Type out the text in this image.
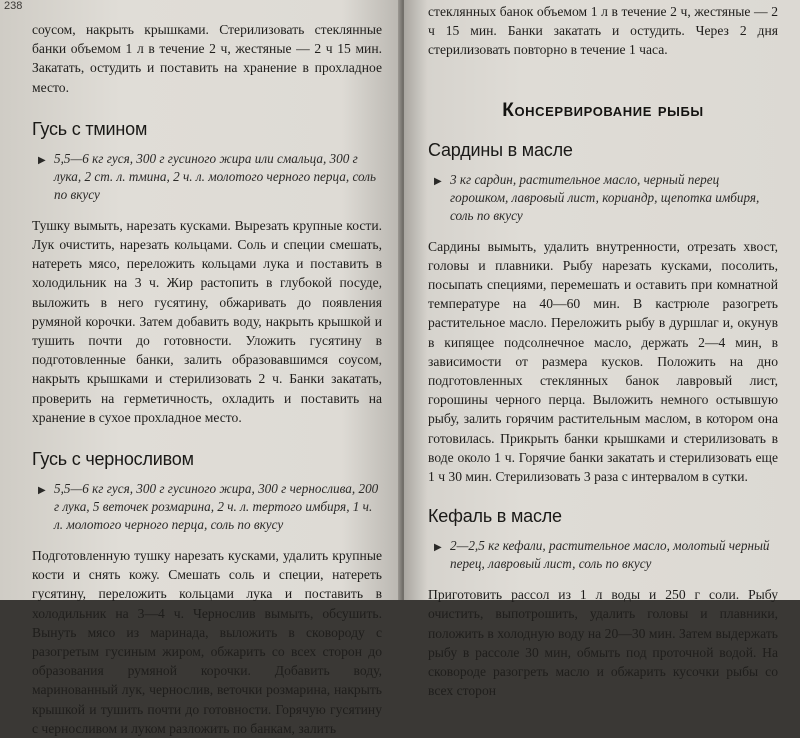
238

соусом, накрыть крышками. Стерилизовать стеклянные банки объемом 1 л в течение 2 ч, жестяные — 2 ч 15 мин. Закатать, остудить и поставить на хранение в прохладное место.

Гусь с тмином
▶ 5,5—6 кг гуся, 300 г гусиного жира или смальца, 300 г лука, 2 ст. л. тмина, 2 ч. л. молотого черного перца, соль по вкусу

Тушку вымыть, нарезать кусками. Вырезать крупные кости. Лук очистить, нарезать кольцами. Соль и специи смешать, натереть мясо, переложить кольцами лука и поставить в холодильник на 3 ч. Жир растопить в глубокой посуде, выложить в него гусятину, обжаривать до появления румяной корочки. Затем добавить воду, накрыть крышкой и тушить почти до готовности. Уложить гусятину в подготовленные банки, залить образовавшимся соусом, накрыть крышками и стерилизовать 2 ч. Банки закатать, проверить на герметичность, охладить и поставить на хранение в сухое прохладное место.

Гусь с черносливом
▶ 5,5—6 кг гуся, 300 г гусиного жира, 300 г чернослива, 200 г лука, 5 веточек розмарина, 2 ч. л. тертого имбиря, 1 ч. л. молотого черного перца, соль по вкусу

Подготовленную тушку нарезать кусками, удалить крупные кости и снять кожу. Смешать соль и специи, натереть гусятину, переложить кольцами лука и поставить в холодильник на 3—4 ч. Чернослив вымыть, обсушить. Вынуть мясо из маринада, выложить в сковороду с разогретым гусиным жиром, обжарить со всех сторон до образования румяной корочки. Добавить воду, маринованный лук, чернослив, веточки розмарина, накрыть крышкой и тушить почти до готовности. Горячую гусятину с черносливом и луком разложить по банкам, залить

стеклянных банок объемом 1 л в течение 2 ч, жестяные — 2 ч 15 мин. Банки закатать и остудить. Через 2 дня стерилизовать повторно в течение 1 часа.

Консервирование рыбы
Сардины в масле
▶ 3 кг сардин, растительное масло, черный перец горошком, лавровый лист, кориандр, щепотка имбиря, соль по вкусу

Сардины вымыть, удалить внутренности, отрезать хвост, головы и плавники. Рыбу нарезать кусками, посолить, посыпать специями, перемешать и оставить при комнатной температуре на 40—60 мин. В кастрюле разогреть растительное масло. Переложить рыбу в дуршлаг и, окунув в кипящее подсолнечное масло, держать 2—4 мин, в зависимости от размера кусков. Положить на дно подготовленных стеклянных банок лавровый лист, горошины черного перца. Выложить немного остывшую рыбу, залить горячим растительным маслом, в котором она готовилась. Прикрыть банки крышками и стерилизовать в воде около 1 ч. Горячие банки закатать и стерилизовать еще 1 ч 30 мин. Стерилизовать 3 раза с интервалом в сутки.

Кефаль в масле
▶ 2—2,5 кг кефали, растительное масло, молотый черный перец, лавровый лист, соль по вкусу

Приготовить рассол из 1 л воды и 250 г соли. Рыбу очистить, выпотрошить, удалить головы и плавники, положить в холодную воду на 20—30 мин. Затем выдержать рыбу в рассоле 30 мин, обмыть под проточной водой. На сковороде разогреть масло и обжарить кусочки рыбы со всех сторон
